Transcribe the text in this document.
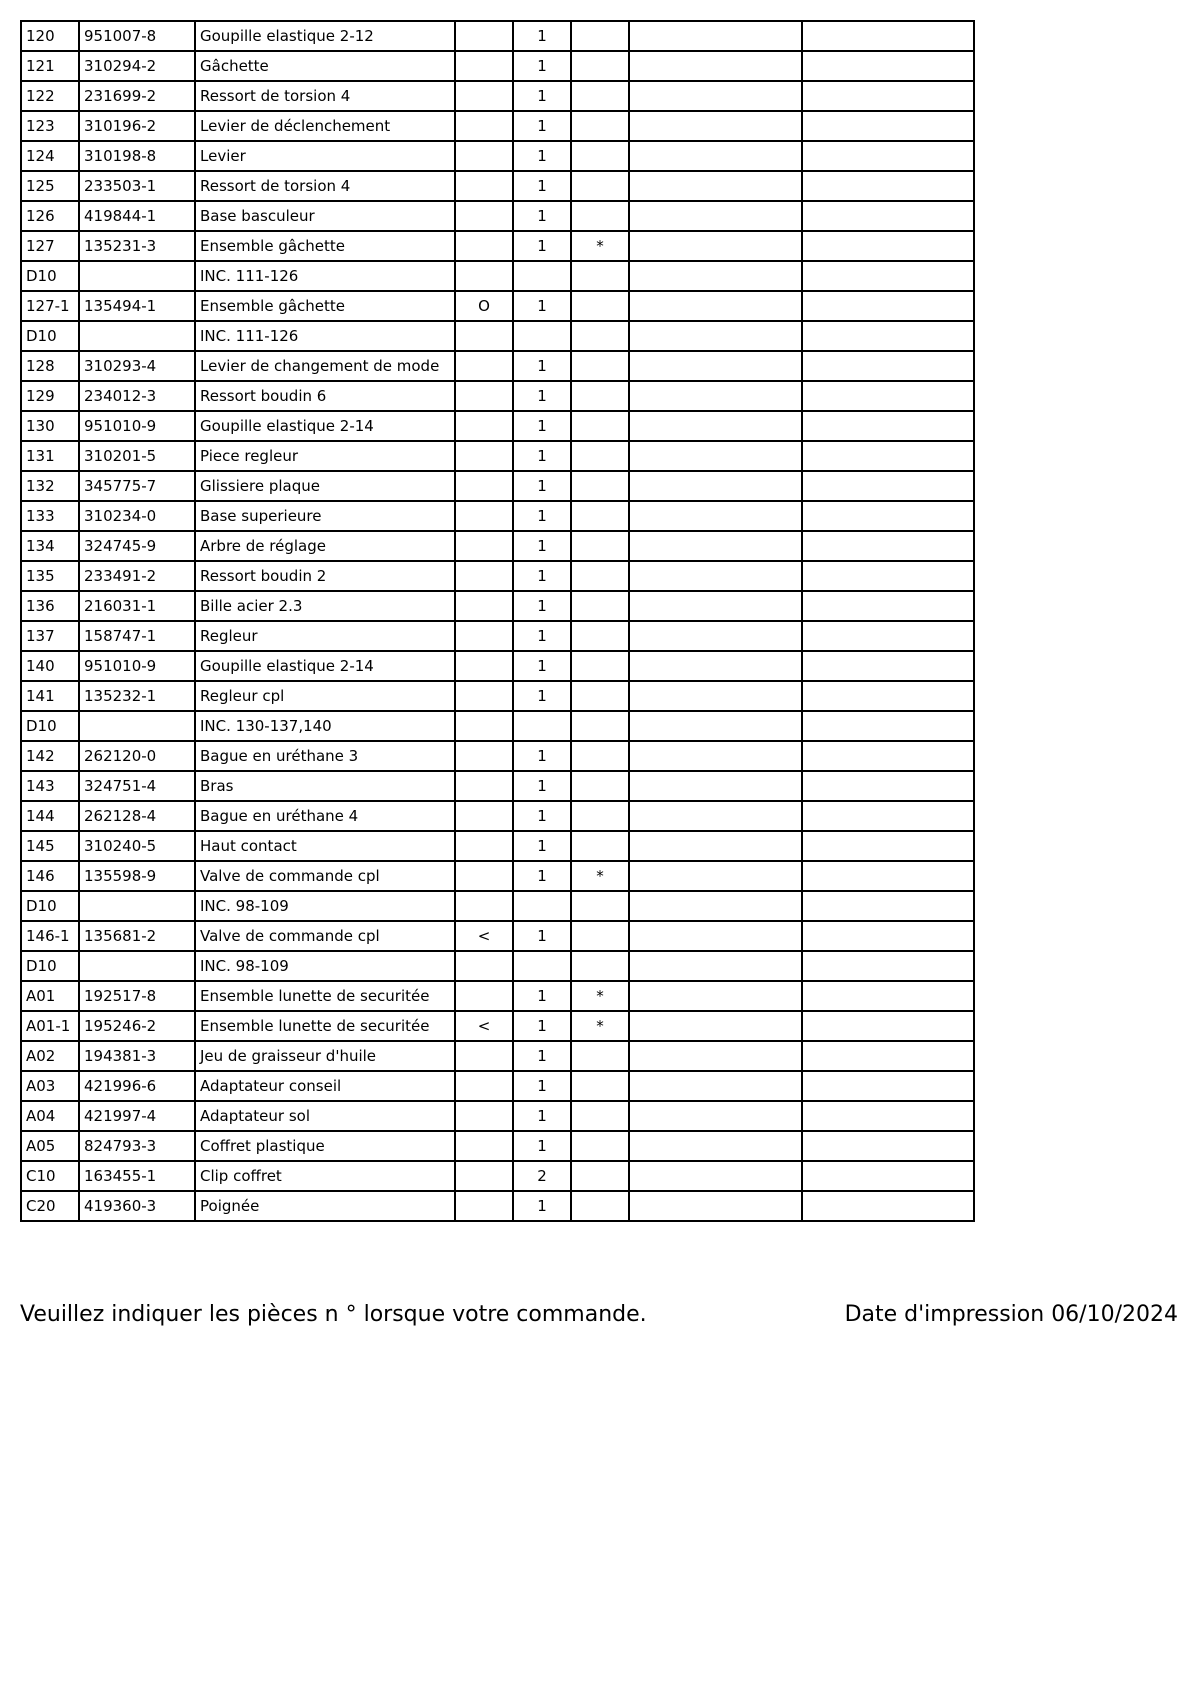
120	951007-8	Goupille elastique 2-12		1			
121	310294-2	Gâchette		1			
122	231699-2	Ressort de torsion 4		1			
123	310196-2	Levier de déclenchement		1			
124	310198-8	Levier		1			
125	233503-1	Ressort de torsion 4		1			
126	419844-1	Base basculeur		1			
127	135231-3	Ensemble gâchette		1	*		
D10		INC. 111-126					
127-1	135494-1	Ensemble gâchette	O	1			
D10		INC. 111-126					
128	310293-4	Levier de changement de mode		1			
129	234012-3	Ressort boudin 6		1			
130	951010-9	Goupille elastique 2-14		1			
131	310201-5	Piece regleur		1			
132	345775-7	Glissiere plaque		1			
133	310234-0	Base superieure		1			
134	324745-9	Arbre de réglage		1			
135	233491-2	Ressort boudin 2		1			
136	216031-1	Bille acier 2.3		1			
137	158747-1	Regleur		1			
140	951010-9	Goupille elastique 2-14		1			
141	135232-1	Regleur cpl		1			
D10		INC. 130-137,140					
142	262120-0	Bague en uréthane 3		1			
143	324751-4	Bras		1			
144	262128-4	Bague en uréthane 4		1			
145	310240-5	Haut contact		1			
146	135598-9	Valve de commande cpl		1	*		
D10		INC. 98-109					
146-1	135681-2	Valve de commande cpl	<	1			
D10		INC. 98-109					
A01	192517-8	Ensemble lunette de securitée		1	*		
A01-1	195246-2	Ensemble lunette de securitée	<	1	*		
A02	194381-3	Jeu de graisseur d'huile		1			
A03	421996-6	Adaptateur conseil		1			
A04	421997-4	Adaptateur sol		1			
A05	824793-3	Coffret plastique		1			
C10	163455-1	Clip coffret		2			
C20	419360-3	Poignée		1			
Veuillez indiquer les pièces n ° lorsque votre commande.	Date d'impression 06/10/2024
